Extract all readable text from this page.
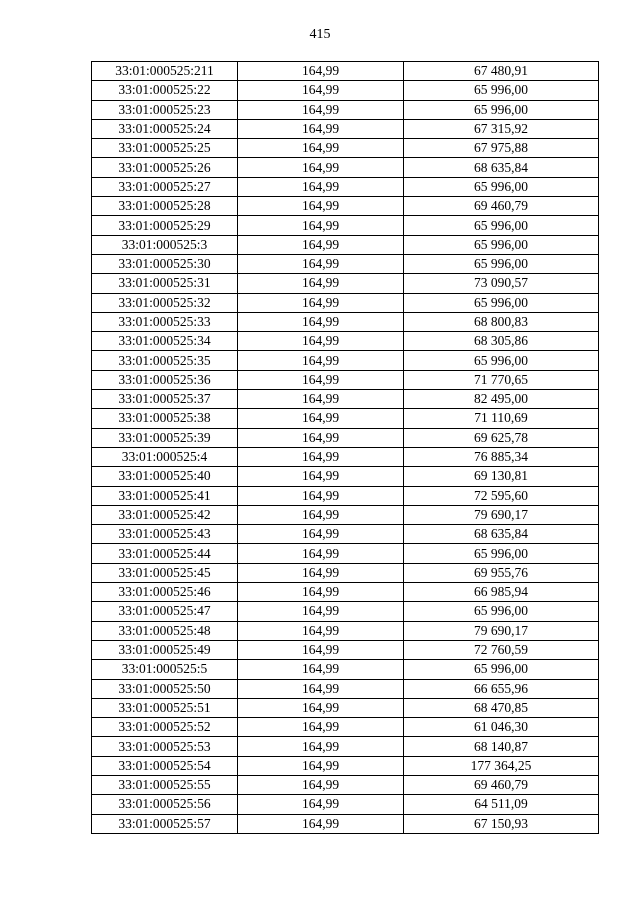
415
33:01:000525:211	164,99	67 480,91
33:01:000525:22	164,99	65 996,00
33:01:000525:23	164,99	65 996,00
33:01:000525:24	164,99	67 315,92
33:01:000525:25	164,99	67 975,88
33:01:000525:26	164,99	68 635,84
33:01:000525:27	164,99	65 996,00
33:01:000525:28	164,99	69 460,79
33:01:000525:29	164,99	65 996,00
33:01:000525:3	164,99	65 996,00
33:01:000525:30	164,99	65 996,00
33:01:000525:31	164,99	73 090,57
33:01:000525:32	164,99	65 996,00
33:01:000525:33	164,99	68 800,83
33:01:000525:34	164,99	68 305,86
33:01:000525:35	164,99	65 996,00
33:01:000525:36	164,99	71 770,65
33:01:000525:37	164,99	82 495,00
33:01:000525:38	164,99	71 110,69
33:01:000525:39	164,99	69 625,78
33:01:000525:4	164,99	76 885,34
33:01:000525:40	164,99	69 130,81
33:01:000525:41	164,99	72 595,60
33:01:000525:42	164,99	79 690,17
33:01:000525:43	164,99	68 635,84
33:01:000525:44	164,99	65 996,00
33:01:000525:45	164,99	69 955,76
33:01:000525:46	164,99	66 985,94
33:01:000525:47	164,99	65 996,00
33:01:000525:48	164,99	79 690,17
33:01:000525:49	164,99	72 760,59
33:01:000525:5	164,99	65 996,00
33:01:000525:50	164,99	66 655,96
33:01:000525:51	164,99	68 470,85
33:01:000525:52	164,99	61 046,30
33:01:000525:53	164,99	68 140,87
33:01:000525:54	164,99	177 364,25
33:01:000525:55	164,99	69 460,79
33:01:000525:56	164,99	64 511,09
33:01:000525:57	164,99	67 150,93
